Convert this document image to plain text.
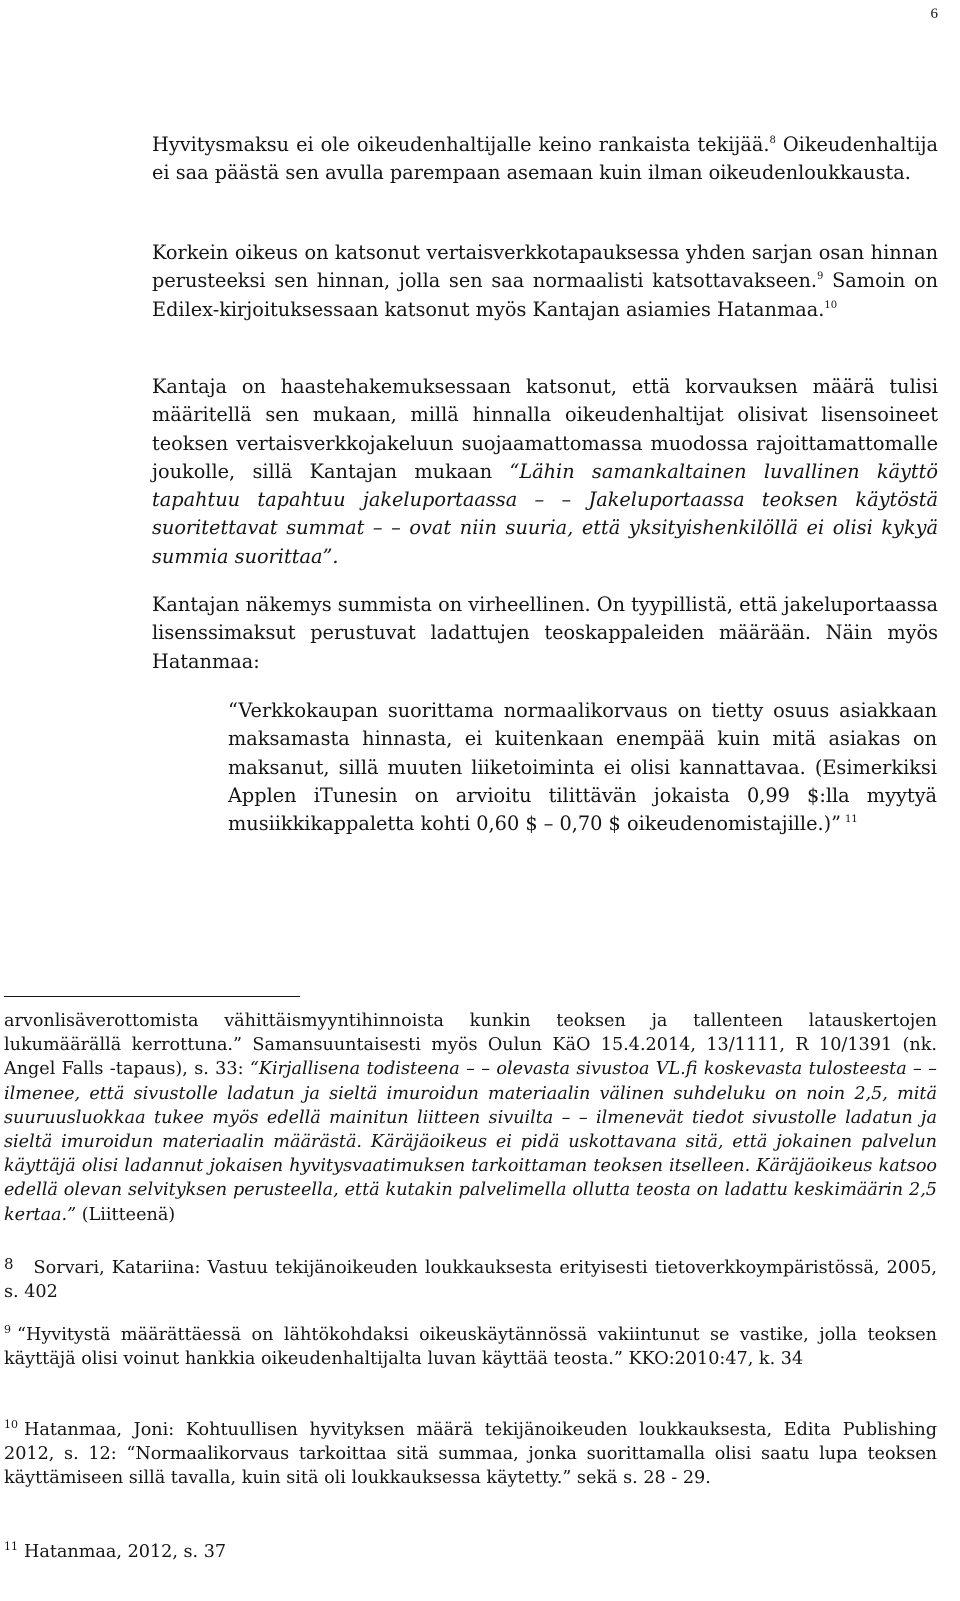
6

Hyvitysmaksu ei ole oikeudenhaltijalle keino rankaista tekijää.$^8$ Oikeudenhaltija ei saa päästä sen avulla parempaan asemaan kuin ilman oikeudenloukkausta.

Korkein oikeus on katsonut vertaisverkkotapauksessa yhden sarjan osan hinnan perusteeksi sen hinnan, jolla sen saa normaalisti katsottavakseen.$^9$ Samoin on Edilex-kirjoituksessaan katsonut myös Kantajan asiamies Hatanmaa.$^{10}$

Kantaja on haastehakemuksessaan katsonut, että korvauksen määrä tulisi määritellä sen mukaan, millä hinnalla oikeudenhaltijat olisivat lisensoineet teoksen vertaisverkkojakeluun suojaamattomassa muodossa rajoittamattomalle joukolle, sillä Kantajan mukaan “Lähin samankaltainen luvallinen käyttö tapahtuu tapahtuu jakeluportaassa – – Jakeluportaassa teoksen käytöstä suoritettavat summat – – ovat niin suuria, että yksityishenkilöllä ei olisi kykyä summia suorittaa”.

Kantajan näkemys summista on virheellinen. On tyypillistä, että jakeluportaassa lisenssimaksut perustuvat ladattujen teoskappaleiden määrään. Näin myös Hatanmaa:

“Verkkokaupan suorittama normaalikorvaus on tietty osuus asiakkaan maksamasta hinnasta, ei kuitenkaan enempää kuin mitä asiakas on maksanut, sillä muuten liiketoiminta ei olisi kannattavaa. (Esimerkiksi Applen iTunesin on arvioitu tilittävän jokaista 0,99 $:lla myytyä musiikkikappaletta kohti 0,60 $ – 0,70 $ oikeudenomistajille.)” $^{11}$

arvonlisäverottomista vähittäismyyntihinnoista kunkin teoksen ja tallenteen latauskertojen lukumäärällä kerrottuna.” Samansuuntaisesti myös Oulun KäO 15.4.2014, 13/1111, R 10/1391 (nk. Angel Falls -tapaus), s. 33: “Kirjallisena todisteena – – olevasta sivustoa VL.fi koskevasta tulosteesta – – ilmenee, että sivustolle ladatun ja sieltä imuroidun materiaalin välinen suhdeluku on noin 2,5, mitä suuruusluokkaa tukee myös edellä mainitun liitteen sivuilta – – ilmenevät tiedot sivustolle ladatun ja sieltä imuroidun materiaalin määrästä. Käräjäoikeus ei pidä uskottavana sitä, että jokainen palvelun käyttäjä olisi ladannut jokaisen hyvitysvaatimuksen tarkoittaman teoksen itselleen. Käräjäoikeus katsoo edellä olevan selvityksen perusteella, että kutakin palvelimella ollutta teosta on ladattu keskimäärin 2,5 kertaa.” (Liitteenä)

8 Sorvari, Katariina: Vastuu tekijänoikeuden loukkauksesta erityisesti tietoverkkoympäristössä, 2005, s. 402

$^9$ “Hyvitystä määrättäessä on lähtökohdaksi oikeuskäytännössä vakiintunut se vastike, jolla teoksen käyttäjä olisi voinut hankkia oikeudenhaltijalta luvan käyttää teosta.” KKO:2010:47, k. 34

$^{10}$ Hatanmaa, Joni: Kohtuullisen hyvityksen määrä tekijänoikeuden loukkauksesta, Edita Publishing 2012, s. 12: “Normaalikorvaus tarkoittaa sitä summaa, jonka suorittamalla olisi saatu lupa teoksen käyttämiseen sillä tavalla, kuin sitä oli loukkauksessa käytetty.” sekä s. 28 - 29.

$^{11}$ Hatanmaa, 2012, s. 37
